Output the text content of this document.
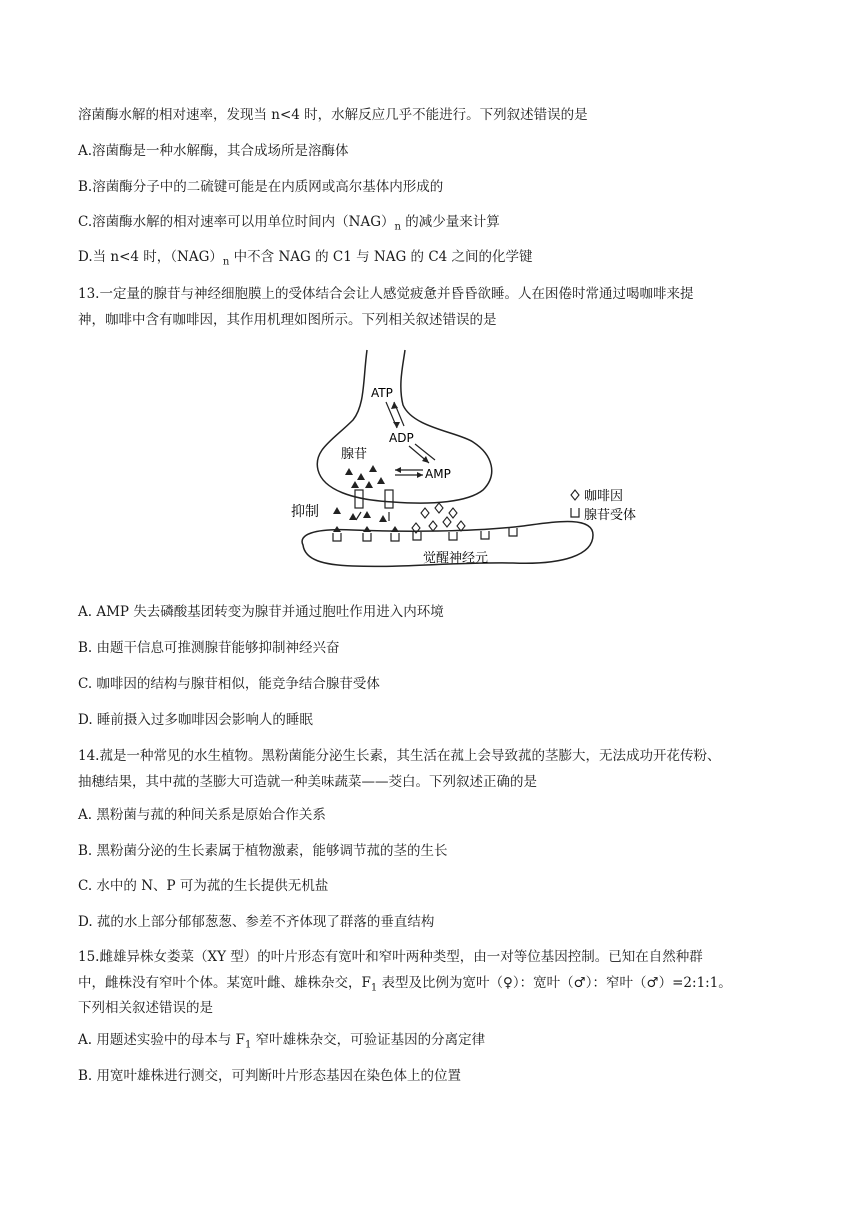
溶菌酶水解的相对速率，发现当 n<4 时，水解反应几乎不能进行。下列叙述错误的是
A.溶菌酶是一种水解酶，其合成场所是溶酶体
B.溶菌酶分子中的二硫键可能是在内质网或高尔基体内形成的
C.溶菌酶水解的相对速率可以用单位时间内$(NAG)_n$ 的减少量来计算
D.当 n<4 时，$(NAG)_n$ 中不含 NAG 的 C1 与 NAG 的 C4 之间的化学键
13.一定量的腺苷与神经细胞膜上的受体结合会让人感觉疲惫并昏昏欲睡。人在困倦时常通过喝咖啡来提
神，咖啡中含有咖啡因，其作用机理如图所示。下列相关叙述错误的是
ATP
ADP
AMP
腺苷
抑制
觉醒神经元
咖啡因
腺苷受体
A. AMP 失去磷酸基团转变为腺苷并通过胞吐作用进入内环境
B. 由题干信息可推测腺苷能够抑制神经兴奋
C. 咖啡因的结构与腺苷相似，能竞争结合腺苷受体
D. 睡前摄入过多咖啡因会影响人的睡眠
14.菰是一种常见的水生植物。黑粉菌能分泌生长素，其生活在菰上会导致菰的茎膨大，无法成功开花传粉、
抽穗结果，其中菰的茎膨大可造就一种美味蔬菜——茭白。下列叙述正确的是
A. 黑粉菌与菰的种间关系是原始合作关系
B. 黑粉菌分泌的生长素属于植物激素，能够调节菰的茎的生长
C. 水中的 N、P 可为菰的生长提供无机盐
D. 菰的水上部分郁郁葱葱、参差不齐体现了群落的垂直结构
15.雌雄异株女娄菜（XY 型）的叶片形态有宽叶和窄叶两种类型，由一对等位基因控制。已知在自然种群
中，雌株没有窄叶个体。某宽叶雌、雄株杂交，$F_1$ 表型及比例为宽叶（♀）：宽叶（♂）：窄叶（♂）=2:1:1。
下列相关叙述错误的是
A. 用题述实验中的母本与 $F_1$ 窄叶雄株杂交，可验证基因的分离定律
B. 用宽叶雄株进行测交，可判断叶片形态基因在染色体上的位置
